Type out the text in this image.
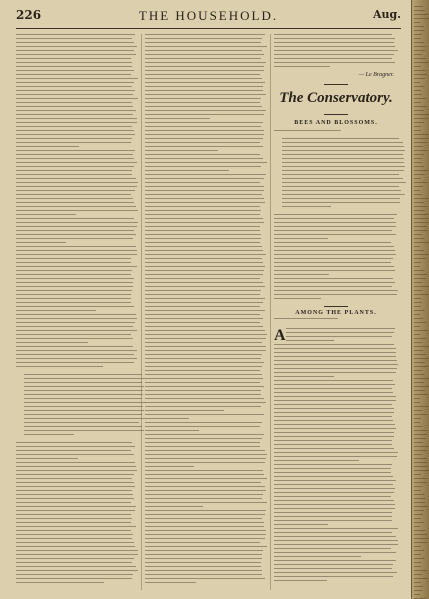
226	THE HOUSEHOLD.	Aug.
— Le Bragner.
The Conservatory.
BEES AND BLOSSOMS.
AMONG THE PLANTS.
A
